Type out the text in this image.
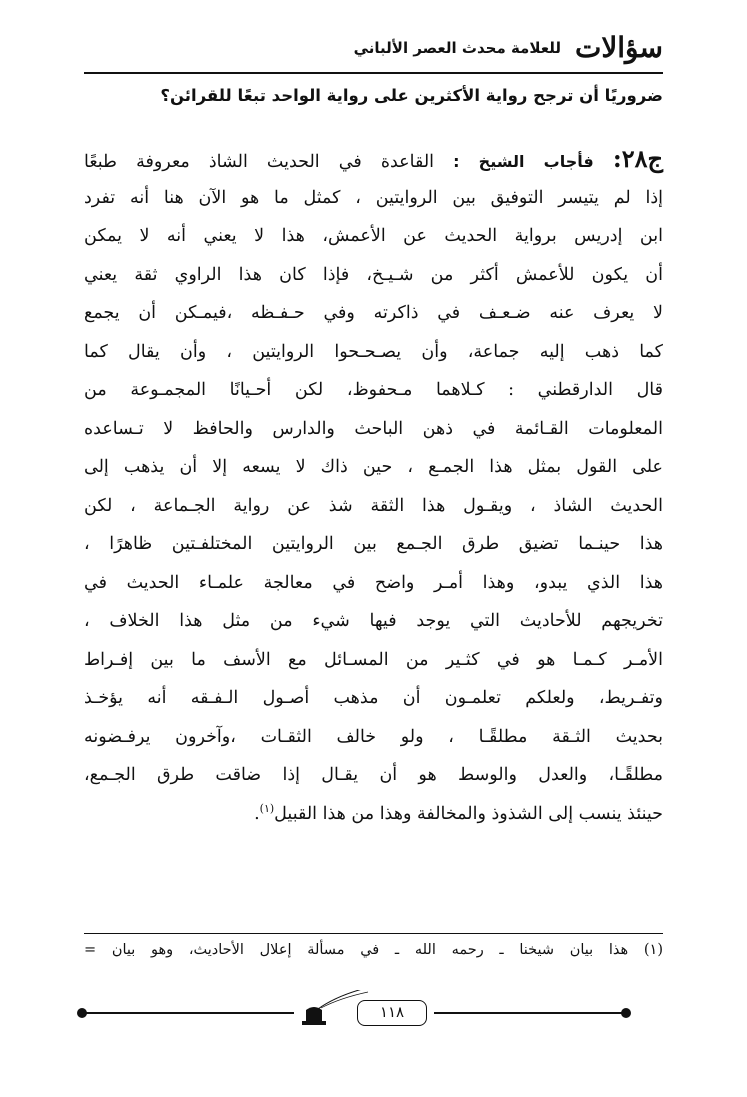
سؤالات
للعلامة محدث العصر الألباني
ضروريًا أن ترجح رواية الأكثرين على رواية الواحد تبعًا للقرائن؟
ج٢٨: فأجاب الشيخ : القاعدة في الحديث الشاذ معروفة طبعًا
إذا لم يتيسر التوفيق بين الروايتين ، كمثل ما هو الآن هنا أنه تفرد
ابن إدريس برواية الحديث عن الأعمش، هذا لا يعني أنه لا يمكن
أن يكون للأعمش أكثر من شـيـخ، فإذا كان هذا الراوي ثقة يعني
لا يعرف عنه ضـعـف في ذاكرته وفي حـفـظه ،فيمـكن أن يجمع
كما ذهب إليه جماعة، وأن يصـحـحوا الروايتين ، وأن يقال كما
قال الدارقطني : كـلاهما مـحفوظ، لكن أحـيانًا المجمـوعة من
المعلومات القـائمة في ذهن الباحث والدارس والحافظ لا تـساعده
على القول بمثل هذا الجمـع ، حين ذاك لا يسعه إلا أن يذهب إلى
الحديث الشاذ ، ويقـول هذا الثقة شذ عن رواية الجـماعة ، لكن
هذا حينـما تضيق طرق الجـمع بين الروايتين المختلفـتين ظاهرًا ،
هذا الذي يبدو، وهذا أمـر واضح في معالجة علمـاء الحديث في
تخريجهم للأحاديث التي يوجد فيها شيء من مثل هذا الخلاف ،
الأمـر كـمـا هو في كثـير من المسـائل مع الأسف ما بين إفـراط
وتفـريط، ولعلكم تعلمـون أن مذهب أصـول الـفـقه أنه يؤخـذ
بحديث الثـقة مطلقًـا ، ولو خالف الثقـات ،وآخرون يرفـضونه
مطلقًـا، والعدل والوسط هو أن يقـال إذا ضاقت طرق الجـمع،
حينئذ ينسب إلى الشذوذ والمخالفة وهذا من هذا القبيل$^{(١)}$.
(١) هذا بيان شيخنا ـ رحمه الله ـ في مسألة إعلال الأحاديث، وهو بيان =
١١٨
